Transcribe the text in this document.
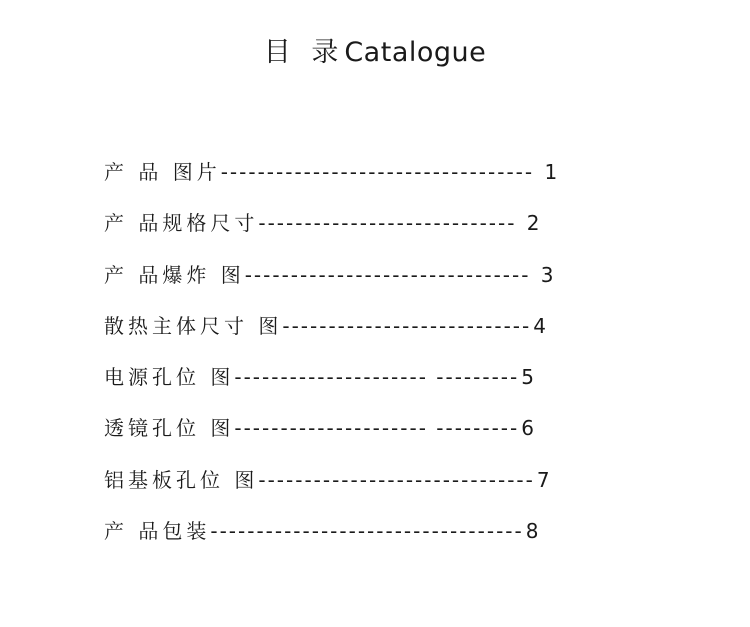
目 录Catalogue
产 品 图片---------------------------------- 1
产 品规格尺寸---------------------------- 2
产 品爆炸 图------------------------------- 3
散热主体尺寸 图--------------------------- 4
电源孔位 图--------------------- --------- 5
透镜孔位 图--------------------- --------- 6
铝基板孔位 图------------------------------ 7
产 品包装---------------------------------- 8
